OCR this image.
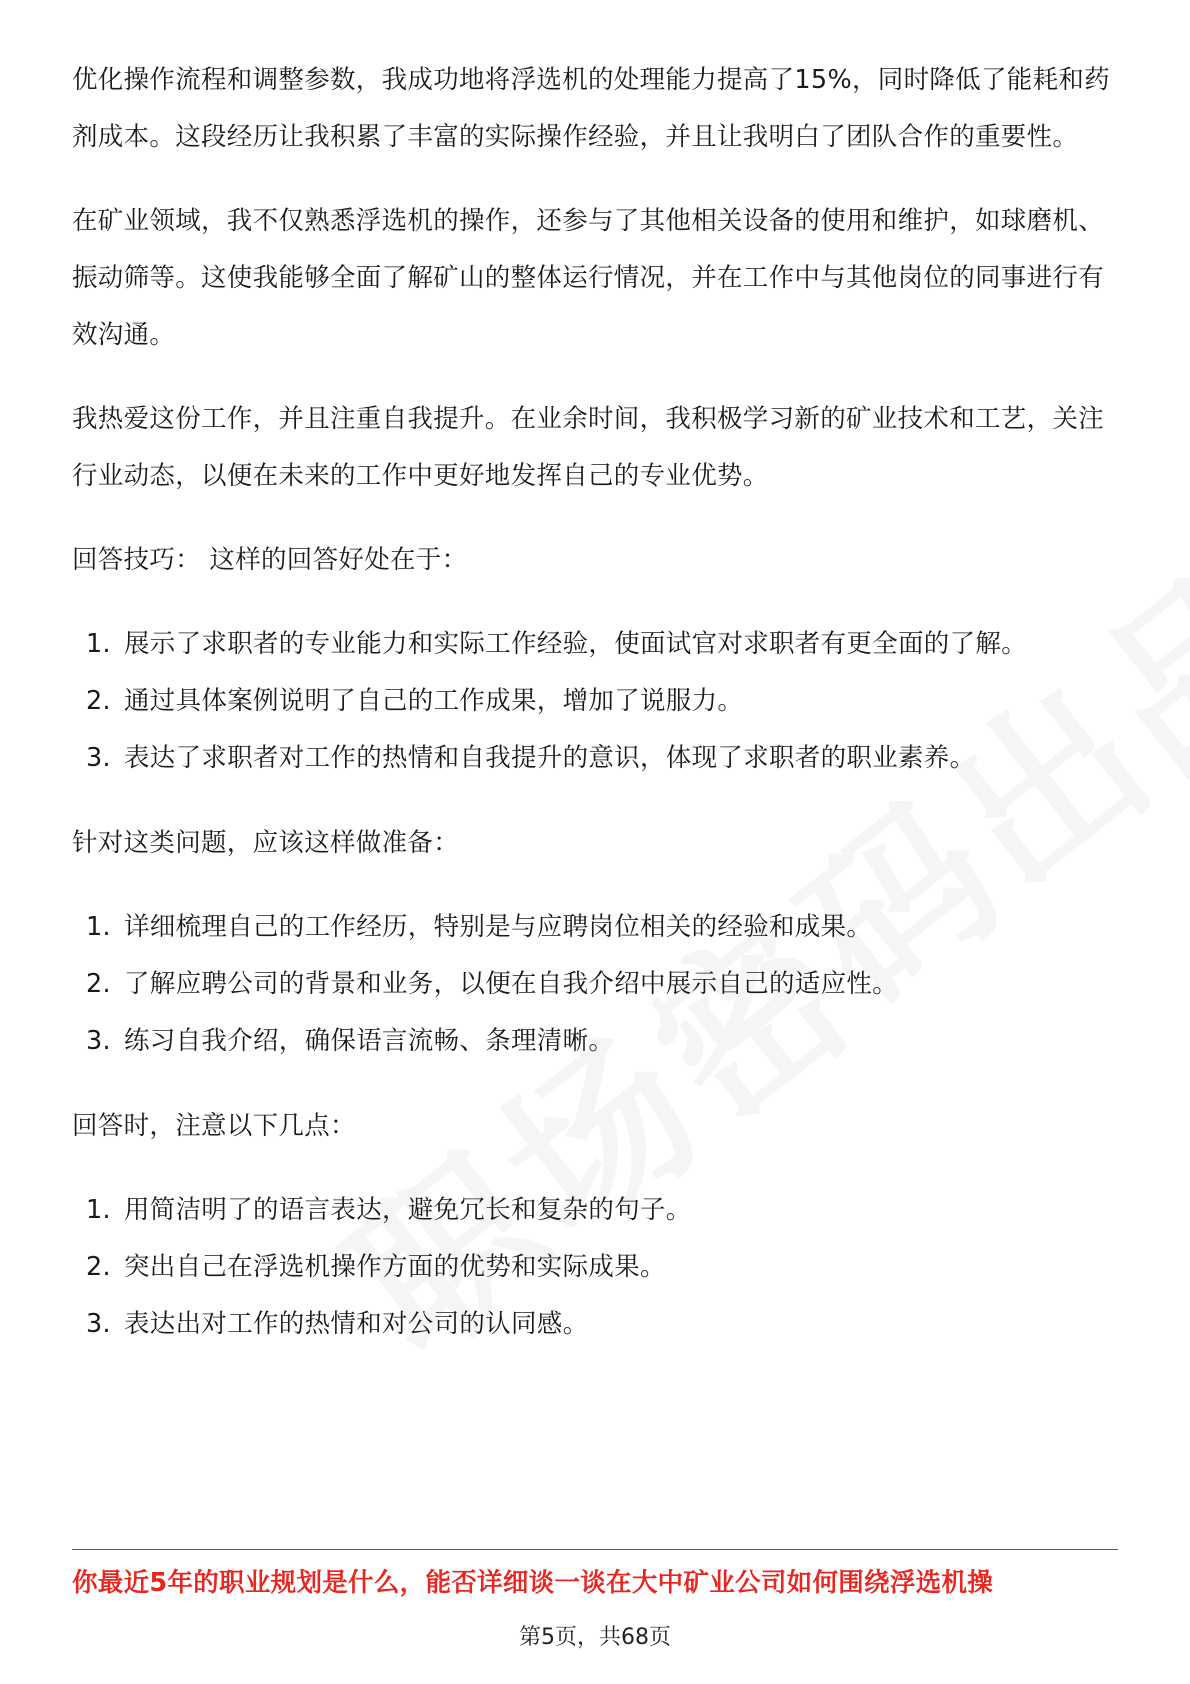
优化操作流程和调整参数，我成功地将浮选机的处理能力提高了15%，同时降低了能耗和药剂成本。这段经历让我积累了丰富的实际操作经验，并且让我明白了团队合作的重要性。

在矿业领域，我不仅熟悉浮选机的操作，还参与了其他相关设备的使用和维护，如球磨机、振动筛等。这使我能够全面了解矿山的整体运行情况，并在工作中与其他岗位的同事进行有效沟通。

我热爱这份工作，并且注重自我提升。在业余时间，我积极学习新的矿业技术和工艺，关注行业动态，以便在未来的工作中更好地发挥自己的专业优势。

回答技巧： 这样的回答好处在于：

1. 展示了求职者的专业能力和实际工作经验，使面试官对求职者有更全面的了解。
2. 通过具体案例说明了自己的工作成果，增加了说服力。
3. 表达了求职者对工作的热情和自我提升的意识，体现了求职者的职业素养。

针对这类问题，应该这样做准备：

1. 详细梳理自己的工作经历，特别是与应聘岗位相关的经验和成果。
2. 了解应聘公司的背景和业务，以便在自我介绍中展示自己的适应性。
3. 练习自我介绍，确保语言流畅、条理清晰。

回答时，注意以下几点：

1. 用简洁明了的语言表达，避免冗长和复杂的句子。
2. 突出自己在浮选机操作方面的优势和实际成果。
3. 表达出对工作的热情和对公司的认同感。
你最近5年的职业规划是什么，能否详细谈一谈在大中矿业公司如何围绕浮选机操
第5页，共68页
